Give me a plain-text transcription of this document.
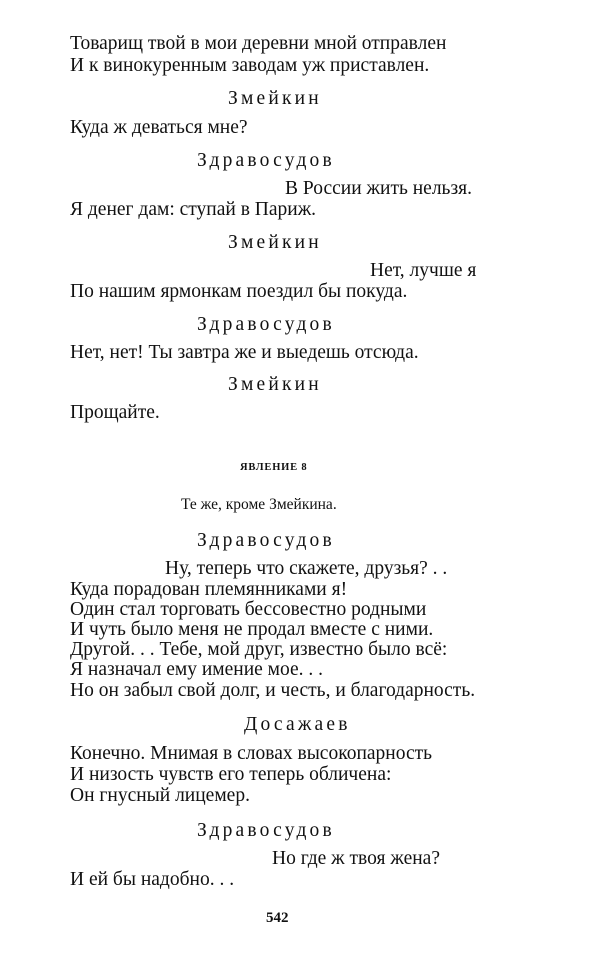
Товарищ твой в мои деревни мной отправлен
И к винокуренным заводам уж приставлен.
Змейкин
Куда ж деваться мне?
Здравосудов
В России жить нельзя.
Я денег дам: ступай в Париж.
Змейкин
Нет, лучше я
По нашим ярмонкам поездил бы покуда.
Здравосудов
Нет, нет! Ты завтра же и выедешь отсюда.
Змейкин
Прощайте.
ЯВЛЕНИЕ 8
Те же, кроме Змейкина.
Здравосудов
Ну, теперь что скажете, друзья? . .
Куда порадован племянниками я!
Один стал торговать бессовестно родными
И чуть было меня не продал вместе с ними.
Другой. . . Тебе, мой друг, известно было всё:
Я назначал ему имение мое. . .
Но он забыл свой долг, и честь, и благодарность.
Досажаев
Конечно. Мнимая в словах высокопарность
И низость чувств его теперь обличена:
Он гнусный лицемер.
Здравосудов
Но где ж твоя жена?
И ей бы надобно. . .
542
